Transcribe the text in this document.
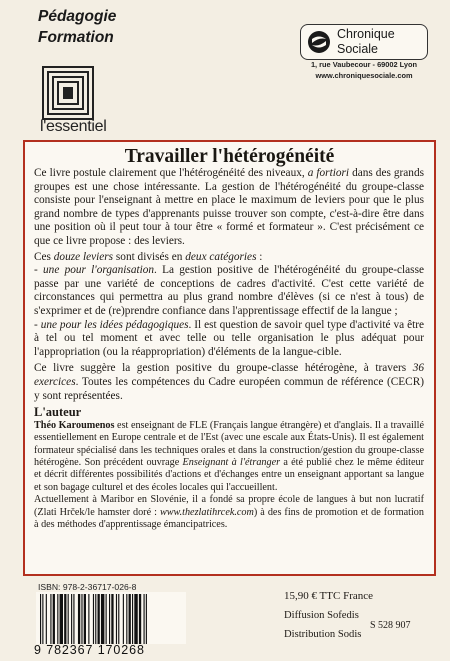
Pédagogie
Formation
l'essentiel
Chronique
Sociale
1, rue Vaubecour - 69002 Lyon
www.chroniquesociale.com
Travailler l'hétérogénéité

Ce livre postule clairement que l'hétérogénéité des niveaux, a fortiori dans des grands groupes est une chose intéressante. La gestion de l'hétérogénéité du groupe-classe consiste pour l'enseignant à mettre en place le maximum de leviers pour que le plus grand nombre de types d'apprenants puisse trouver son compte, c'est-à-dire être dans une position où il peut tour à tour être « formé et formateur ». C'est précisément ce que ce livre propose : des leviers.

Ces douze leviers sont divisés en deux catégories :

- une pour l'organisation. La gestion positive de l'hétérogénéité du groupe-classe passe par une variété de conceptions de cadres d'activité. C'est cette variété de circonstances qui permettra au plus grand nombre d'élèves (si ce n'est à tous) de s'exprimer et de (re)prendre confiance dans l'apprentissage effectif de la langue ;

- une pour les idées pédagogiques. Il est question de savoir quel type d'activité va être à tel ou tel moment et avec telle ou telle organisation le plus adéquat pour l'appropriation (ou la réappropriation) d'éléments de la langue-cible.

Ce livre suggère la gestion positive du groupe-classe hétérogène, à travers 36 exercices. Toutes les compétences du Cadre européen commun de référence (CECR) y sont représentées.

L'auteur

Théo Karoumenos est enseignant de FLE (Français langue étrangère) et d'anglais. Il a travaillé essentiellement en Europe centrale et de l'Est (avec une escale aux États-Unis). Il est également formateur spécialisé dans les techniques orales et dans la construction/gestion du groupe-classe hétérogène. Son précédent ouvrage Enseignant à l'étranger a été publié chez le même éditeur et décrit différentes possibilités d'actions et d'échanges entre un enseignant apportant sa langue et son bagage culturel et des écoles locales qui l'accueillent.

Actuellement à Maribor en Slovénie, il a fondé sa propre école de langues à but non lucratif (Zlati Hrček/le hamster doré : www.thezlatihrcek.com) à des fins de promotion et de formation à des méthodes d'apprentissage émancipatrices.

ISBN: 978-2-36717-026-8
9 782367 170268
15,90 € TTC France
Diffusion Sofedis
Distribution Sodis
S 528 907
